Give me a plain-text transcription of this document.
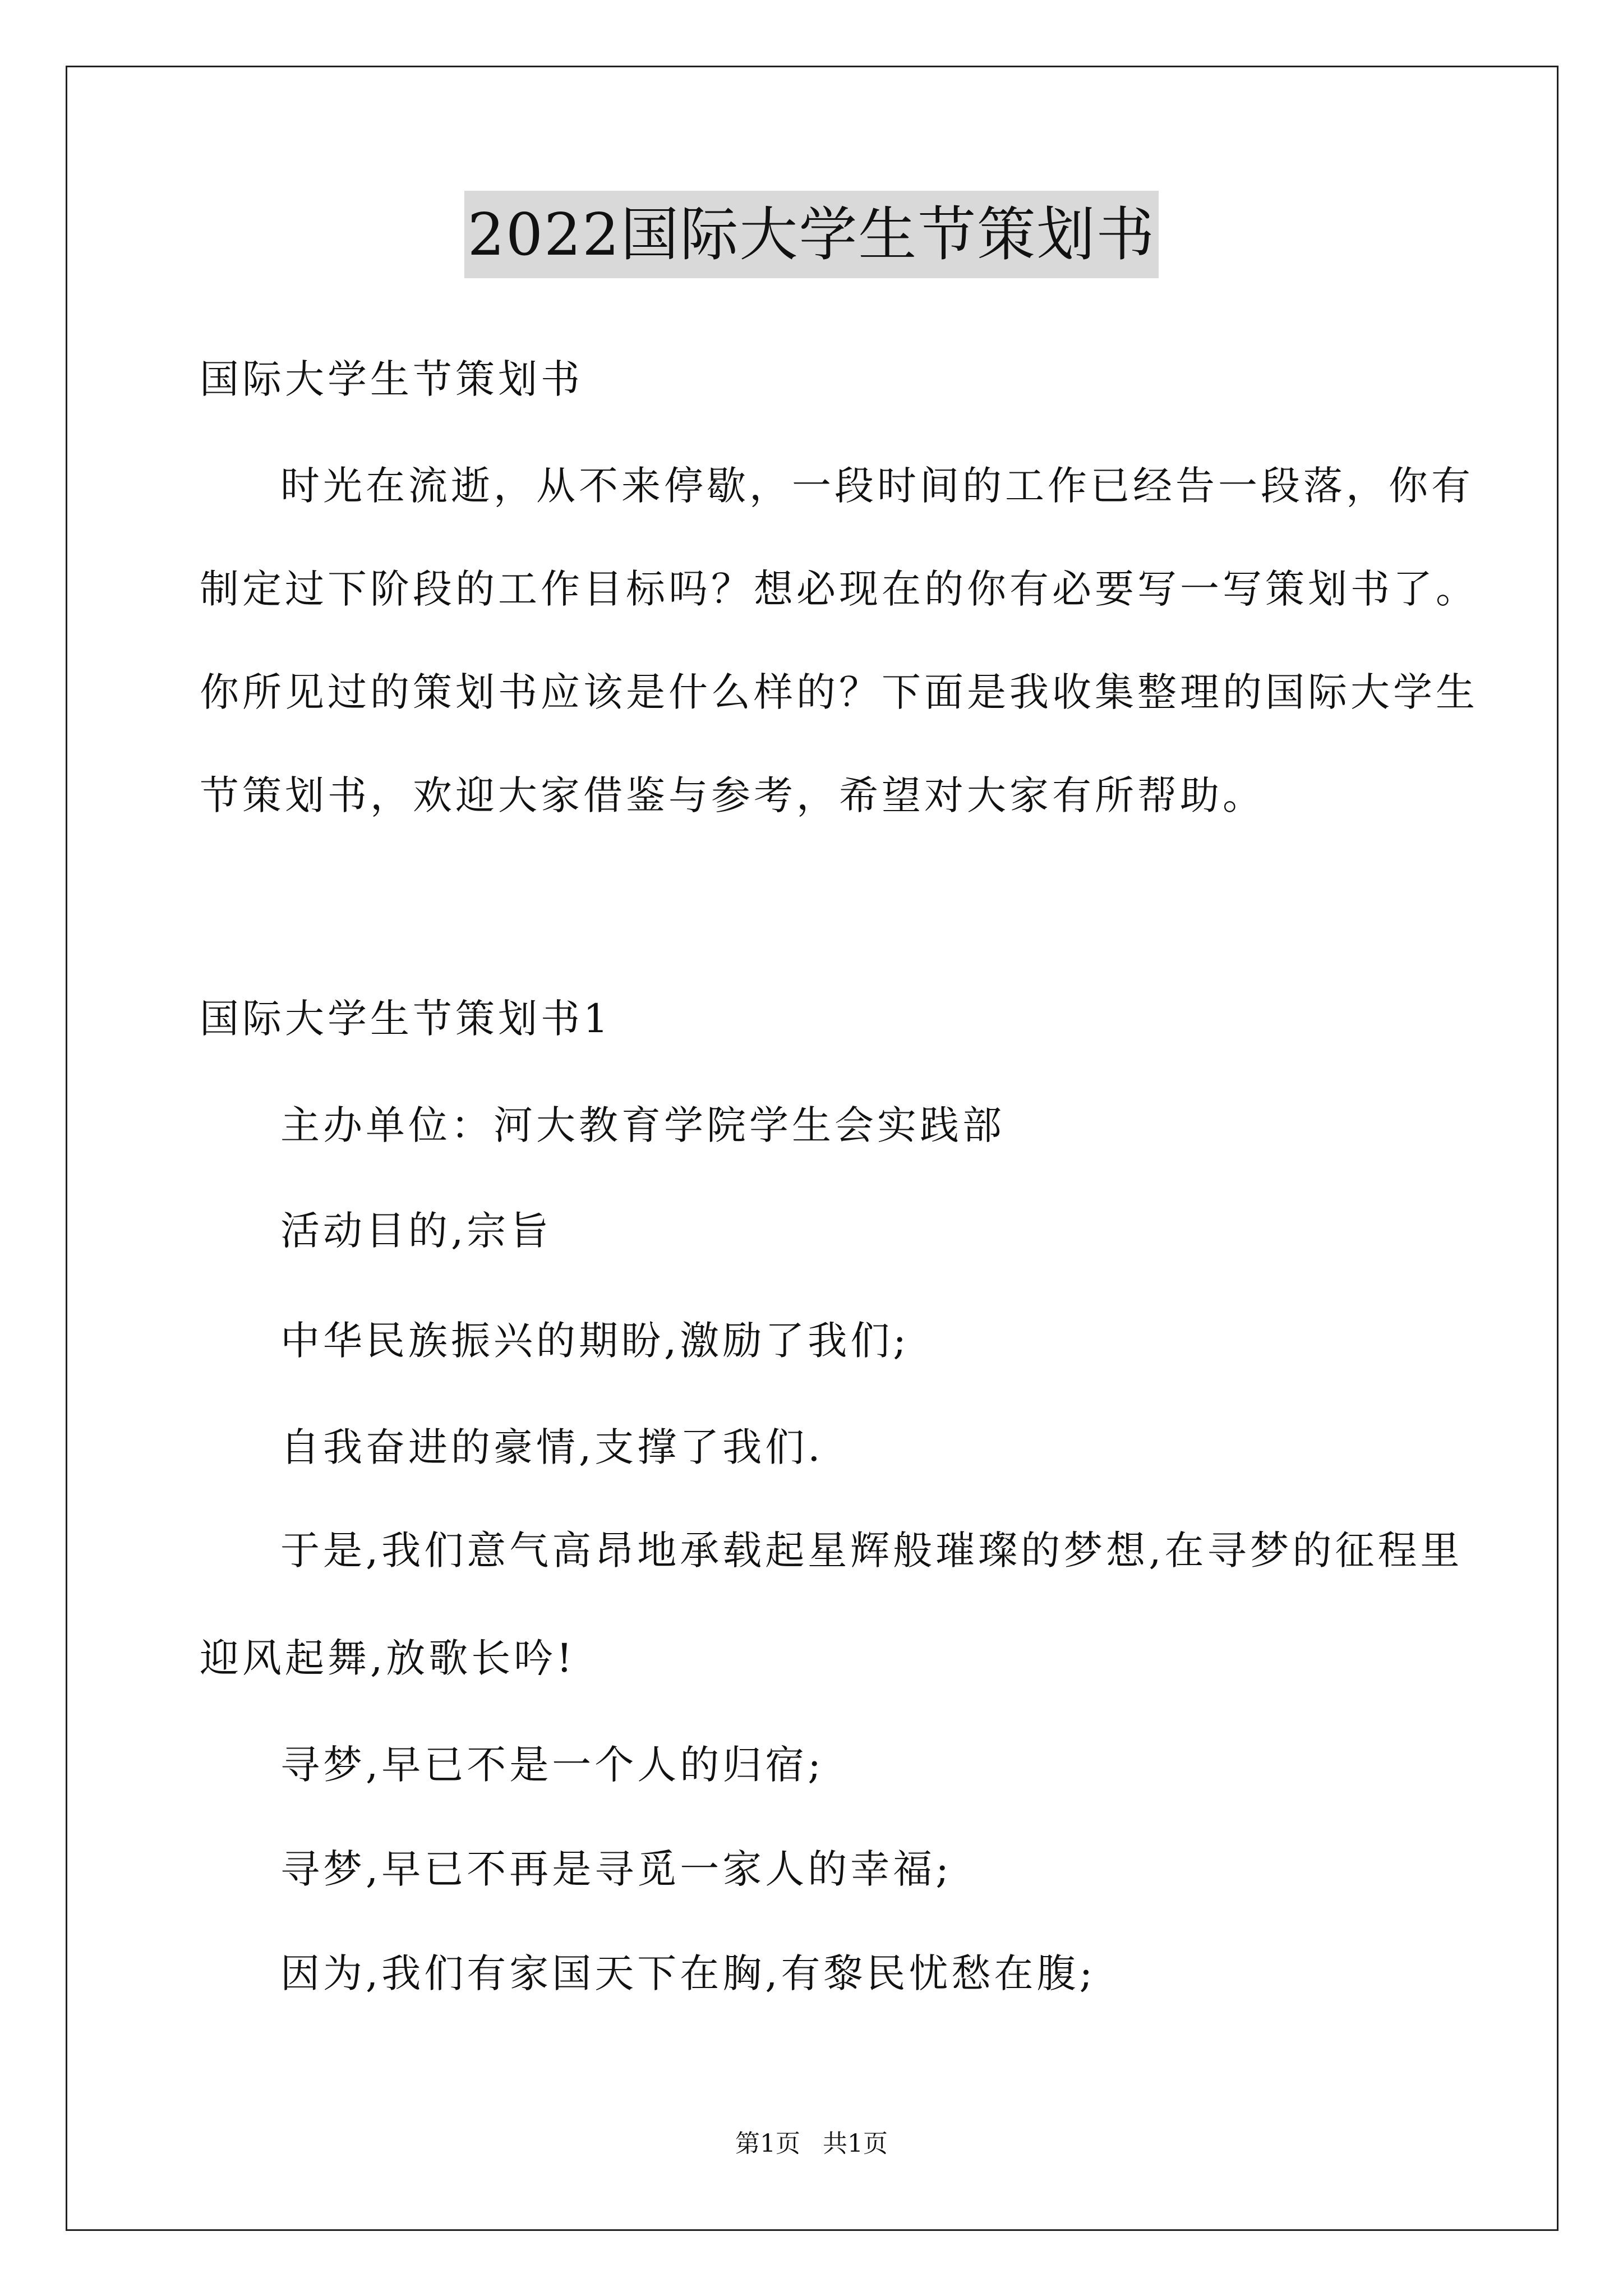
2022国际大学生节策划书
国际大学生节策划书
时光在流逝，从不来停歇，一段时间的工作已经告一段落，你有
制定过下阶段的工作目标吗？想必现在的你有必要写一写策划书了。
你所见过的策划书应该是什么样的？下面是我收集整理的国际大学生
节策划书，欢迎大家借鉴与参考，希望对大家有所帮助。
国际大学生节策划书1
主办单位：河大教育学院学生会实践部
活动目的,宗旨
中华民族振兴的期盼,激励了我们;
自我奋进的豪情,支撑了我们.
于是,我们意气高昂地承载起星辉般璀璨的梦想,在寻梦的征程里
迎风起舞,放歌长吟!
寻梦,早已不是一个人的归宿;
寻梦,早已不再是寻觅一家人的幸福;
因为,我们有家国天下在胸,有黎民忧愁在腹;
第1页 共1页
